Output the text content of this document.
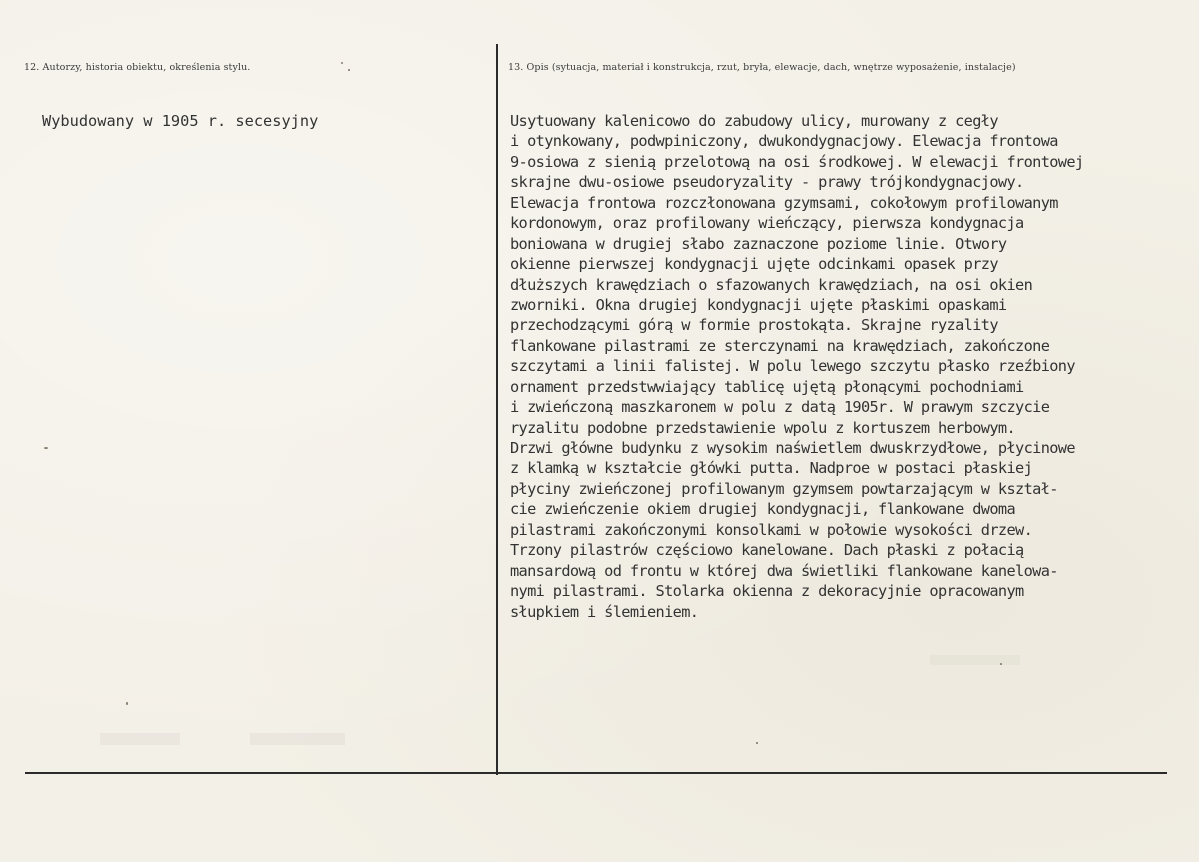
12. Autorzy, historia obiektu, określenia stylu.	13. Opis (sytuacja, materiał i konstrukcja, rzut, bryła, elewacje, dach, wnętrze wyposażenie, instalacje)
Wybudowany w 1905 r. secesyjny	Usytuowany kalenicowo do zabudowy ulicy, murowany z cegły
i otynkowany, podwpiniczony, dwukondygnacjowy. Elewacja frontowa
9-osiowa z sienią przelotową na osi środkowej. W elewacji frontowej
skrajne dwu-osiowe pseudoryzality - prawy trójkondygnacjowy.
Elewacja frontowa rozczłonowana gzymsami, cokołowym profilowanym
kordonowym, oraz profilowany wieńczący, pierwsza kondygnacja
boniowana w drugiej słabo zaznaczone poziome linie. Otwory
okienne pierwszej kondygnacji ujęte odcinkami opasek przy
dłuższych krawędziach o sfazowanych krawędziach, na osi okien
zworniki. Okna drugiej kondygnacji ujęte płaskimi opaskami
przechodzącymi górą w formie prostokąta. Skrajne ryzality
flankowane pilastrami ze sterczynami na krawędziach, zakończone
szczytami a linii falistej. W polu lewego szczytu płasko rzeźbiony
ornament przedstwwiający tablicę ujętą płonącymi pochodniami
i zwieńczoną maszkaronem w polu z datą 1905r. W prawym szczycie
ryzalitu podobne przedstawienie wpolu z kortuszem herbowym.
Drzwi główne budynku z wysokim naświetlem dwuskrzydłowe, płycinowe
z klamką w kształcie główki putta. Nadproe w postaci płaskiej
płyciny zwieńczonej profilowanym gzymsem powtarzającym w kształ-
cie zwieńczenie okiem drugiej kondygnacji, flankowane dwoma
pilastrami zakończonymi konsolkami w połowie wysokości drzew.
Trzony pilastrów częściowo kanelowane. Dach płaski z połacią
mansardową od frontu w której dwa świetliki flankowane kanelowa-
nymi pilastrami. Stolarka okienna z dekoracyjnie opracowanym
słupkiem i ślemieniem.
